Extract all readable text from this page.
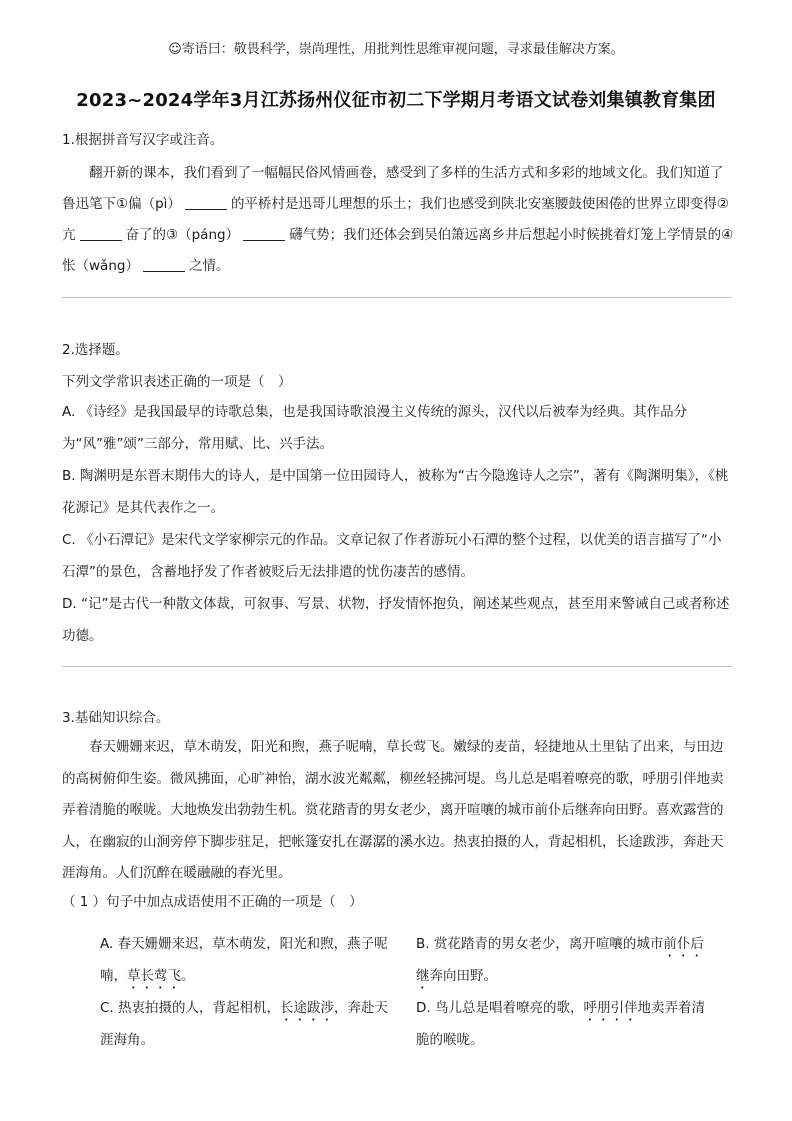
☺寄语曰：敬畏科学，崇尚理性，用批判性思维审视问题，寻求最佳解决方案。
2023~2024学年3月江苏扬州仪征市初二下学期月考语文试卷刘集镇教育集团
1.根据拼音写汉字或注音。
翻开新的课本，我们看到了一幅幅民俗风情画卷，感受到了多样的生活方式和多彩的地域文化。我们知道了鲁迅笔下①偏（pì）	的平桥村是迅哥儿理想的乐土；我们也感受到陕北安塞腰鼓使困倦的世界立即变得②亢	奋了的③（páng）	礴气势；我们还体会到吴伯箫远离乡井后想起小时候挑着灯笼上学情景的④怅（wǎng）	之情。
2.选择题。
下列文学常识表述正确的一项是（　）
A. 《诗经》是我国最早的诗歌总集，也是我国诗歌浪漫主义传统的源头，汉代以后被奉为经典。其作品分为“风”雅”颂”三部分，常用赋、比、兴手法。
B. 陶渊明是东晋末期伟大的诗人，是中国第一位田园诗人，被称为“古今隐逸诗人之宗”，著有《陶渊明集》，《桃花源记》是其代表作之一。
C. 《小石潭记》是宋代文学家柳宗元的作品。文章记叙了作者游玩小石潭的整个过程，以优美的语言描写了“小石潭”的景色，含蓄地抒发了作者被贬后无法排遣的忧伤凄苦的感情。
D. “记”是古代一种散文体裁，可叙事、写景、状物，抒发情怀抱负，阐述某些观点，甚至用来警诫自己或者称述功德。
3.基础知识综合。
春天姗姗来迟，草木萌发，阳光和煦，燕子呢喃，草长莺飞。嫩绿的麦苗，轻捷地从土里钻了出来，与田边的高树俯仰生姿。微风拂面，心旷神怡，湖水波光粼粼，柳丝轻拂河堤。鸟儿总是唱着嘹亮的歌，呼朋引伴地卖弄着清脆的喉咙。大地焕发出勃勃生机。赏花踏青的男女老少，离开喧嚷的城市前仆后继奔向田野。喜欢露营的人，在幽寂的山涧旁停下脚步驻足，把帐篷安扎在潺潺的溪水边。热衷拍摄的人，背起相机，长途跋涉，奔赴天涯海角。人们沉醉在暖融融的春光里。
（ 1 ）句子中加点成语使用不正确的一项是（　）
A. 春天姗姗来迟，草木萌发，阳光和煦，燕子呢喃，草长莺飞。
B. 赏花踏青的男女老少，离开喧嚷的城市前仆后继奔向田野。
C. 热衷拍摄的人，背起相机，长途跋涉，奔赴天涯海角。
D. 鸟儿总是唱着嘹亮的歌，呼朋引伴地卖弄着清脆的喉咙。
